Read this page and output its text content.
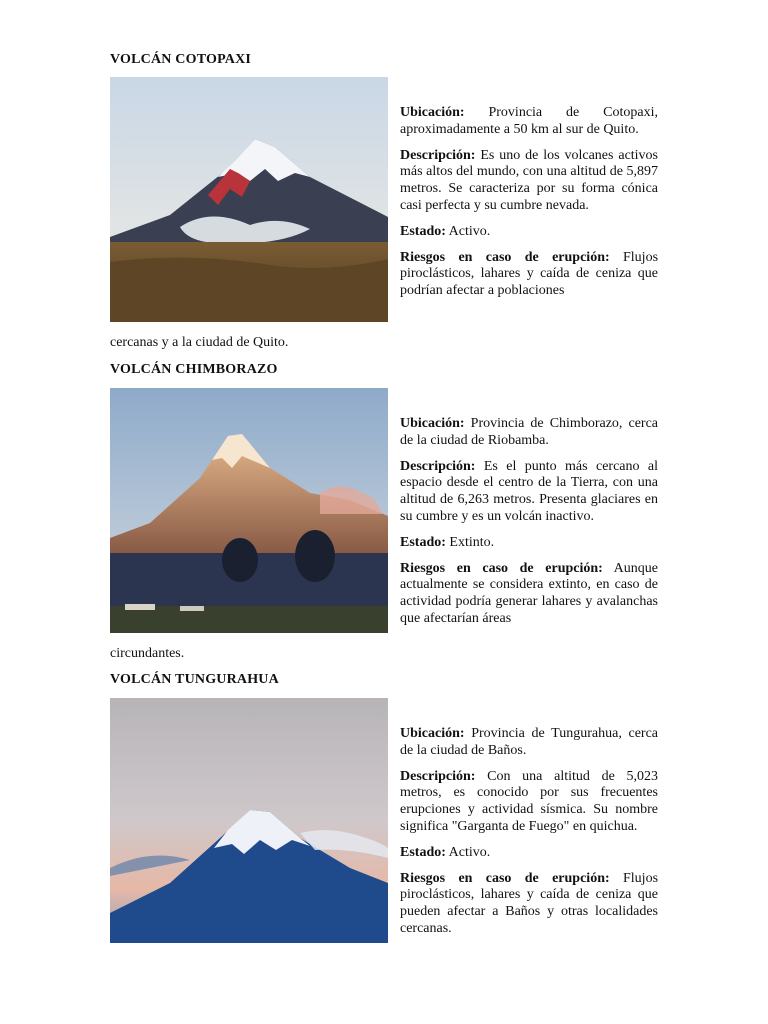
VOLCÁN COTOPAXI

Ubicación: Provincia de Cotopaxi, aproximadamente a 50 km al sur de Quito.

Descripción: Es uno de los volcanes activos más altos del mundo, con una altitud de 5,897 metros. Se caracteriza por su forma cónica casi perfecta y su cumbre nevada.

Estado: Activo.

Riesgos en caso de erupción: Flujos piroclásticos, lahares y caída de ceniza que podrían afectar a poblaciones

cercanas y a la ciudad de Quito.

VOLCÁN CHIMBORAZO

Ubicación: Provincia de Chimborazo, cerca de la ciudad de Riobamba.

Descripción: Es el punto más cercano al espacio desde el centro de la Tierra, con una altitud de 6,263 metros. Presenta glaciares en su cumbre y es un volcán inactivo.

Estado: Extinto.

Riesgos en caso de erupción: Aunque actualmente se considera extinto, en caso de actividad podría generar lahares y avalanchas que afectarían áreas

circundantes.

VOLCÁN TUNGURAHUA

Ubicación: Provincia de Tungurahua, cerca de la ciudad de Baños.

Descripción: Con una altitud de 5,023 metros, es conocido por sus frecuentes erupciones y actividad sísmica. Su nombre significa "Garganta de Fuego" en quichua.

Estado: Activo.

Riesgos en caso de erupción: Flujos piroclásticos, lahares y caída de ceniza que pueden afectar a Baños y otras localidades cercanas.
